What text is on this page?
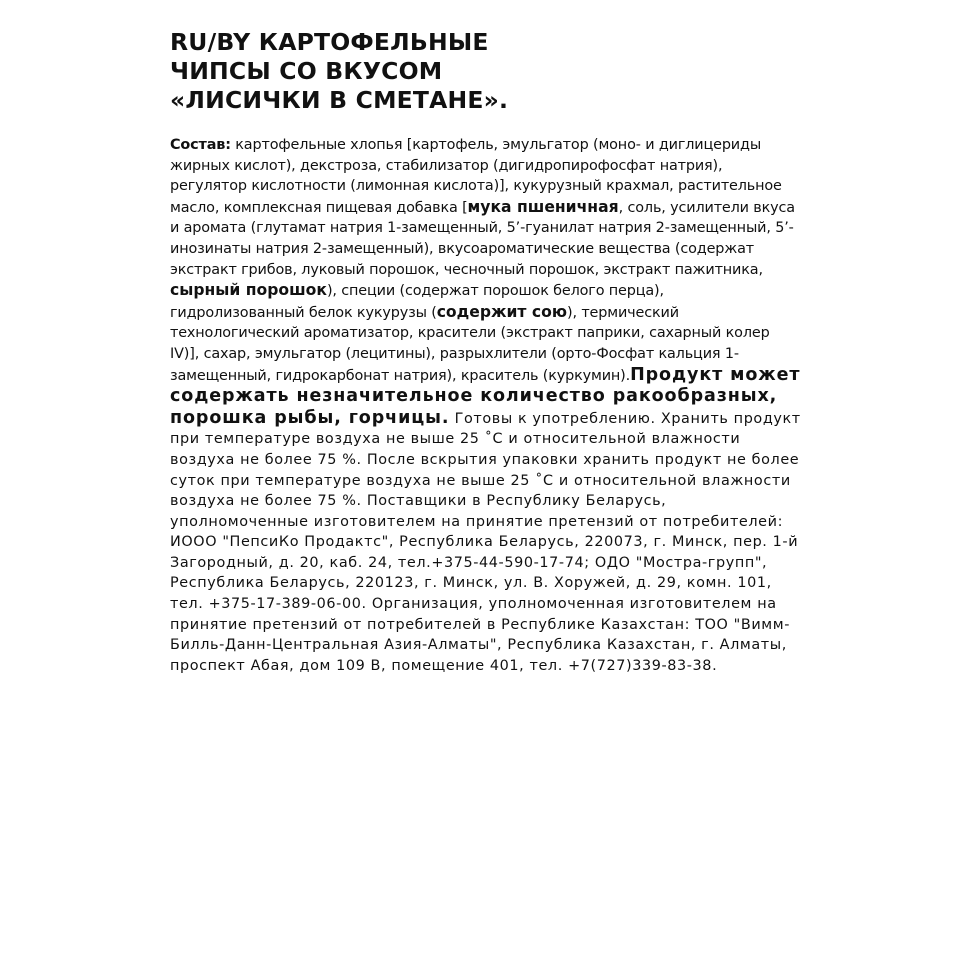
RU/BY КАРТОФЕЛЬНЫЕ ЧИПСЫ СО ВКУСОМ «ЛИСИЧКИ В СМЕТАНЕ».
Состав: картофельные хлопья [картофель, эмульгатор (моно- и диглицериды жирных кислот), декстроза, стабилизатор (дигидропирофосфат натрия), регулятор кислотности (лимонная кислота)], кукурузный крахмал, растительное масло, комплексная пищевая добавка [мука пшеничная, соль, усилители вкуса и аромата (глутамат натрия 1-замещенный, 5’-гуанилат натрия 2-замещенный, 5’-инозинаты натрия 2-замещенный), вкусоароматические вещества (содержат экстракт грибов, луковый порошок, чесночный порошок, экстракт пажитника, сырный порошок), специи (содержат порошок белого перца), гидролизованный белок кукурузы (содержит сою), термический технологический ароматизатор, красители (экстракт паприки, сахарный колер IV)], сахар, эмульгатор (лецитины), разрыхлители (орто-Фосфат кальция 1-замещенный, гидрокарбонат натрия), краситель (куркумин).Продукт может содержать незначительное количество ракообразных, порошка рыбы, горчицы. Готовы к употреблению. Хранить продукт при температуре воздуха не выше 25 ˚С и относительной влажности воздуха не более 75 %. После вскрытия упаковки хранить продукт не более суток при температуре воздуха не выше 25 ˚С и относительной влажности воздуха не более 75 %. Поставщики в Республику Беларусь, уполномоченные изготовителем на принятие претензий от потребителей: ИООО "ПепсиКо Продактс", Республика Беларусь, 220073, г. Минск, пер. 1-й Загородный, д. 20, каб. 24, тел.+375-44-590-17-74; ОДО "Мостра-групп", Республика Беларусь, 220123, г. Минск, ул. В. Хоружей, д. 29, комн. 101, тел. +375-17-389-06-00. Организация, уполномоченная изготовителем на принятие претензий от потребителей в Республике Казахстан: ТОО "Вимм-Билль-Данн-Центральная Азия-Алматы", Республика Казахстан, г. Алматы, проспект Абая, дом 109 В, помещение 401, тел. +7(727)339-83-38.
